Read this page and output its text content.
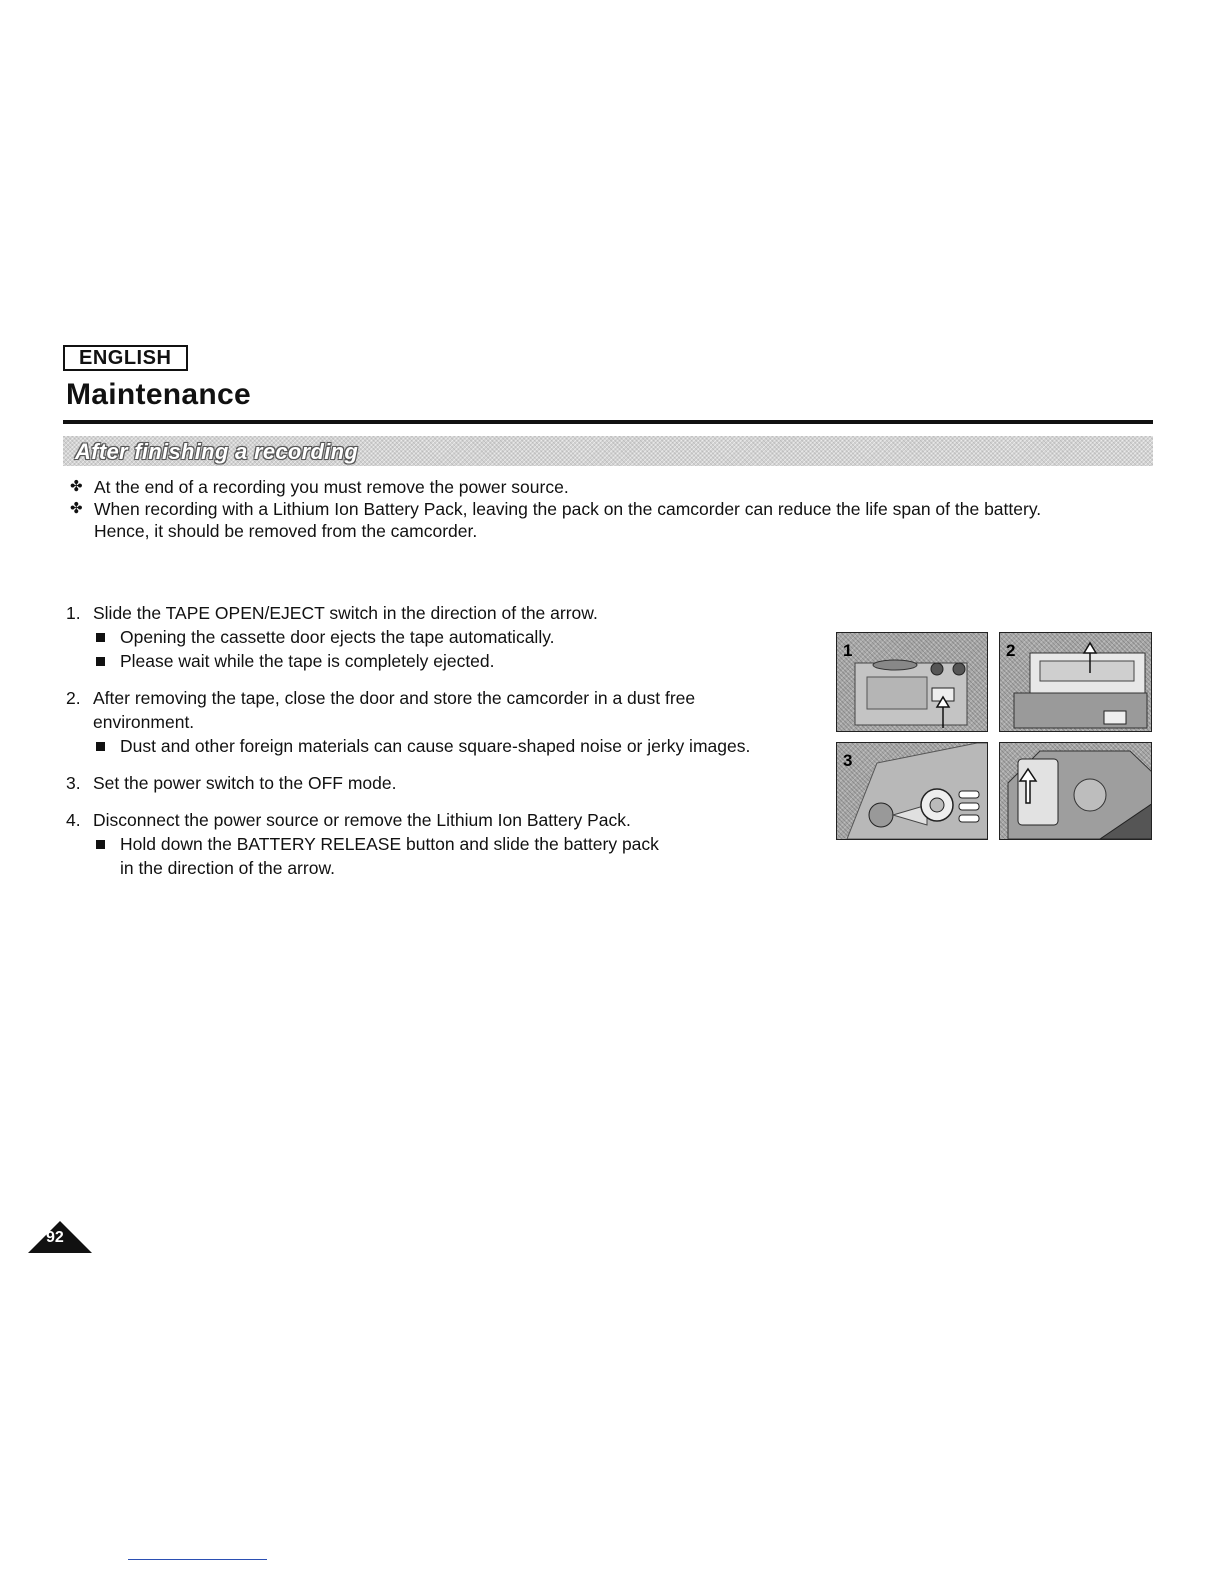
ENGLISH
Maintenance
After finishing a recording
✤ At the end of a recording you must remove the power source.
✤ When recording with a Lithium Ion Battery Pack, leaving the pack on the camcorder can reduce the life span of the battery.
Hence, it should be removed from the camcorder.
1. Slide the TAPE OPEN/EJECT switch in the direction of the arrow.
Opening the cassette door ejects the tape automatically.
Please wait while the tape is completely ejected.
2. After removing the tape, close the door and store the camcorder in a dust free
environment.
Dust and other foreign materials can cause square-shaped noise or jerky images.
3. Set the power switch to the OFF mode.
4. Disconnect the power source or remove the Lithium Ion Battery Pack.
Hold down the BATTERY RELEASE button and slide the battery pack
in the direction of the arrow.
1	2
3
92
